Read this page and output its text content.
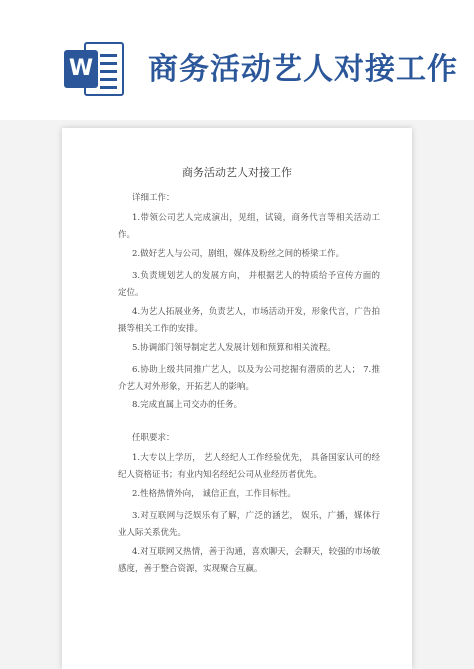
W 商务活动艺人对接工作
商务活动艺人对接工作
详细工作：
1.带领公司艺人完成演出，见组，试镜，商务代言等相关活动工作。
2.做好艺人与公司，剧组，媒体及粉丝之间的桥梁工作。
3.负责规划艺人的发展方向， 并根据艺人的特质给予宣传方面的定位。
4.为艺人拓展业务，负责艺人，市场活动开发，形象代言，广告拍摄等相关工作的安排。
5.协调部门领导制定艺人发展计划和预算和相关流程。
6.协助上级共同推广艺人，以及为公司挖掘有潜质的艺人； 7.推介艺人对外形象，开拓艺人的影响。
8.完成直属上司交办的任务。
任职要求：
1.大专以上学历， 艺人经纪人工作经验优先， 具备国家认可的经纪人资格证书；有业内知名经纪公司从业经历者优先。
2.性格热情外向， 诚信正直，工作目标性。
3.对互联网与泛娱乐有了解，广泛的涵艺， 娱乐，广播，媒体行业人际关系优先。
4.对互联网又热情，善于沟通，喜欢聊天，会聊天，较强的市场敏感度，善于整合资源，实现聚合互赢。
